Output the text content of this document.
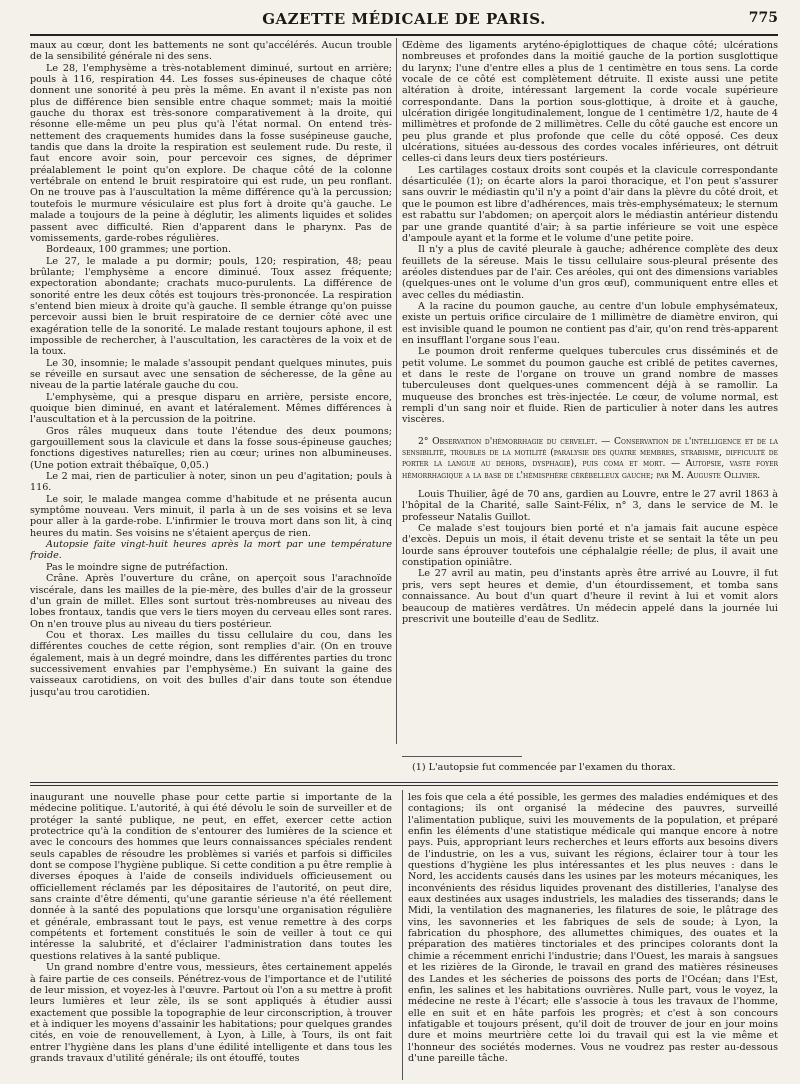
GAZETTE MÉDICALE DE PARIS.	775

maux au cœur, dont les battements ne sont qu'accélérés. Aucun trouble de la sensibilité générale ni des sens.

Le 28, l'emphysème a très-notablement diminué, surtout en arrière; pouls à 116, respiration 44. Les fosses sus-épineuses de chaque côté donnent une sonorité à peu près la même. En avant il n'existe pas non plus de différence bien sensible entre chaque sommet; mais la moitié gauche du thorax est très-sonore comparativement à la droite, qui résonne elle-même un peu plus qu'à l'état normal. On entend très-nettement des craquements humides dans la fosse susépineuse gauche, tandis que dans la droite la respiration est seulement rude. Du reste, il faut encore avoir soin, pour percevoir ces signes, de déprimer préalablement le point qu'on explore. De chaque côté de la colonne vertébrale on entend le bruit respiratoire qui est rude, un peu ronflant. On ne trouve pas à l'auscultation la même différence qu'à la percussion; toutefois le murmure vésiculaire est plus fort à droite qu'à gauche. Le malade a toujours de la peine à déglutir, les aliments liquides et solides passent avec difficulté. Rien d'apparent dans le pharynx. Pas de vomissements, garde-robes régulières.

Bordeaux, 100 grammes; une portion.

Le 27, le malade a pu dormir; pouls, 120; respiration, 48; peau brûlante; l'emphysème a encore diminué. Toux assez fréquente; expectoration abondante; crachats muco-purulents. La différence de sonorité entre les deux côtés est toujours très-prononcée. La respiration s'entend bien mieux à droite qu'à gauche. Il semble étrange qu'on puisse percevoir aussi bien le bruit respiratoire de ce dernier côté avec une exagération telle de la sonorité. Le malade restant toujours aphone, il est impossible de rechercher, à l'auscultation, les caractères de la voix et de la toux.

Le 30, insomnie; le malade s'assoupit pendant quelques minutes, puis se réveille en sursaut avec une sensation de sécheresse, de la gêne au niveau de la partie latérale gauche du cou.

L'emphysème, qui a presque disparu en arrière, persiste encore, quoique bien diminué, en avant et latéralement. Mêmes différences à l'auscultation et à la percussion de la poitrine.

Gros râles muqueux dans toute l'étendue des deux poumons; gargouillement sous la clavicule et dans la fosse sous-épineuse gauches; fonctions digestives naturelles; rien au cœur; urines non albumineuses. (Une potion extrait thébaïque, 0,05.)

Le 2 mai, rien de particulier à noter, sinon un peu d'agitation; pouls à 116.

Le soir, le malade mangea comme d'habitude et ne présenta aucun symptôme nouveau. Vers minuit, il parla à un de ses voisins et se leva pour aller à la garde-robe. L'infirmier le trouva mort dans son lit, à cinq heures du matin. Ses voisins ne s'étaient aperçus de rien.

Autopsie faite vingt-huit heures après la mort par une température froide.

Pas le moindre signe de putréfaction.

Crâne. Après l'ouverture du crâne, on aperçoit sous l'arachnoïde viscérale, dans les mailles de la pie-mère, des bulles d'air de la grosseur d'un grain de millet. Elles sont surtout très-nombreuses au niveau des lobes frontaux, tandis que vers le tiers moyen du cerveau elles sont rares. On n'en trouve plus au niveau du tiers postérieur.

Cou et thorax. Les mailles du tissu cellulaire du cou, dans les différentes couches de cette région, sont remplies d'air. (On en trouve également, mais à un degré moindre, dans les différentes parties du tronc successivement envahies par l'emphysème.) En suivant la gaine des vaisseaux carotidiens, on voit des bulles d'air dans toute son étendue jusqu'au trou carotidien.

Œdème des ligaments aryténo-épiglottiques de chaque côté; ulcérations nombreuses et profondes dans la moitié gauche de la portion susglottique du larynx; l'une d'entre elles a plus de 1 centimètre en tous sens. La corde vocale de ce côté est complètement détruite. Il existe aussi une petite altération à droite, intéressant largement la corde vocale supérieure correspondante. Dans la portion sous-glottique, à droite et à gauche, ulcération dirigée longitudinalement, longue de 1 centimètre 1/2, haute de 4 millimètres et profonde de 2 millimètres. Celle du côté gauche est encore un peu plus grande et plus profonde que celle du côté opposé. Ces deux ulcérations, situées au-dessous des cordes vocales inférieures, ont détruit celles-ci dans leurs deux tiers postérieurs.

Les cartilages costaux droits sont coupés et la clavicule correspondante désarticulée (1); on écarte alors la paroi thoracique, et l'on peut s'assurer sans ouvrir le médiastin qu'il n'y a point d'air dans la plèvre du côté droit, et que le poumon est libre d'adhérences, mais très-emphysémateux; le sternum est rabattu sur l'abdomen; on aperçoit alors le médiastin antérieur distendu par une grande quantité d'air; à sa partie inférieure se voit une espèce d'ampoule ayant et la forme et le volume d'une petite poire.

Il n'y a plus de cavité pleurale à gauche; adhérence complète des deux feuillets de la séreuse. Mais le tissu cellulaire sous-pleural présente des aréoles distendues par de l'air. Ces aréoles, qui ont des dimensions variables (quelques-unes ont le volume d'un gros œuf), communiquent entre elles et avec celles du médiastin.

A la racine du poumon gauche, au centre d'un lobule emphysémateux, existe un pertuis orifice circulaire de 1 millimètre de diamètre environ, qui est invisible quand le poumon ne contient pas d'air, qu'on rend très-apparent en insufflant l'organe sous l'eau.

Le poumon droit renferme quelques tubercules crus disséminés et de petit volume. Le sommet du poumon gauche est criblé de petites cavernes, et dans le reste de l'organe on trouve un grand nombre de masses tuberculeuses dont quelques-unes commencent déjà à se ramollir. La muqueuse des bronches est très-injectée. Le cœur, de volume normal, est rempli d'un sang noir et fluide. Rien de particulier à noter dans les autres viscères.

2° Observation d'hémorrhagie du cervelet. — Conservation de l'intelligence et de la sensibilité, troubles de la motilité (paralysie des quatre membres, strabisme, difficulté de porter la langue au dehors, dysphagie), puis coma et mort. — Autopsie, vaste foyer hémorrhagique a la base de l'hémisphère cérébelleux gauche; par M. Auguste Ollivier.

Louis Thuilier, âgé de 70 ans, gardien au Louvre, entre le 27 avril 1863 à l'hôpital de la Charité, salle Saint-Félix, n° 3, dans le service de M. le professeur Natalis Guillot.

Ce malade s'est toujours bien porté et n'a jamais fait aucune espèce d'excès. Depuis un mois, il était devenu triste et se sentait la tête un peu lourde sans éprouver toutefois une céphalalgie réelle; de plus, il avait une constipation opiniâtre.

Le 27 avril au matin, peu d'instants après être arrivé au Louvre, il fut pris, vers sept heures et demie, d'un étourdissement, et tomba sans connaissance. Au bout d'un quart d'heure il revint à lui et vomit alors beaucoup de matières verdâtres. Un médecin appelé dans la journée lui prescrivit une bouteille d'eau de Sedlitz.

(1) L'autopsie fut commencée par l'examen du thorax.

inaugurant une nouvelle phase pour cette partie si importante de la médecine politique. L'autorité, à qui été dévolu le soin de surveiller et de protéger la santé publique, ne peut, en effet, exercer cette action protectrice qu'à la condition de s'entourer des lumières de la science et avec le concours des hommes que leurs connaissances spéciales rendent seuls capables de résoudre les problèmes si variés et parfois si difficiles dont se compose l'hygiène publique. Si cette condition a pu être remplie à diverses époques à l'aide de conseils individuels officieusement ou officiellement réclamés par les dépositaires de l'autorité, on peut dire, sans crainte d'être démenti, qu'une garantie sérieuse n'a été réellement donnée à la santé des populations que lorsqu'une organisation régulière et générale, embrassant tout le pays, est venue remettre à des corps compétents et fortement constitués le soin de veiller à tout ce qui intéresse la salubrité, et d'éclairer l'administration dans toutes les questions relatives à la santé publique.

Un grand nombre d'entre vous, messieurs, êtes certainement appelés à faire partie de ces conseils. Pénétrez-vous de l'importance et de l'utilité de leur mission, et voyez-les à l'œuvre. Partout où l'on a su mettre à profit leurs lumières et leur zèle, ils se sont appliqués à étudier aussi exactement que possible la topographie de leur circonscription, à trouver et à indiquer les moyens d'assainir les habitations; pour quelques grandes cités, en voie de renouvellement, à Lyon, à Lille, à Tours, ils ont fait entrer l'hygiène dans les plans d'une édilité intelligente et dans tous les grands travaux d'utilité générale; ils ont étouffé, toutes

les fois que cela a été possible, les germes des maladies endémiques et des contagions; ils ont organisé la médecine des pauvres, surveillé l'alimentation publique, suivi les mouvements de la population, et préparé enfin les éléments d'une statistique médicale qui manque encore à notre pays. Puis, appropriant leurs recherches et leurs efforts aux besoins divers de l'industrie, on les a vus, suivant les régions, éclairer tour à tour les questions d'hygiène les plus intéressantes et les plus neuves : dans le Nord, les accidents causés dans les usines par les moteurs mécaniques, les inconvénients des résidus liquides provenant des distilleries, l'analyse des eaux destinées aux usages industriels, les maladies des tisserands; dans le Midi, la ventilation des magnaneries, les filatures de soie, le plâtrage des vins, les savonneries et les fabriques de sels de soude; à Lyon, la fabrication du phosphore, des allumettes chimiques, des ouates et la préparation des matières tinctoriales et des principes colorants dont la chimie a récemment enrichi l'industrie; dans l'Ouest, les marais à sangsues et les rizières de la Gironde, le travail en grand des matières résineuses des Landes et les sécheries de poissons des ports de l'Océan; dans l'Est, enfin, les salines et les habitations ouvrières. Nulle part, vous le voyez, la médecine ne reste à l'écart; elle s'associe à tous les travaux de l'homme, elle en suit et en hâte parfois les progrès; et c'est à son concours infatigable et toujours présent, qu'il doit de trouver de jour en jour moins dure et moins meurtrière cette loi du travail qui est la vie même et l'honneur des sociétés modernes. Vous ne voudrez pas rester au-dessous d'une pareille tâche.
